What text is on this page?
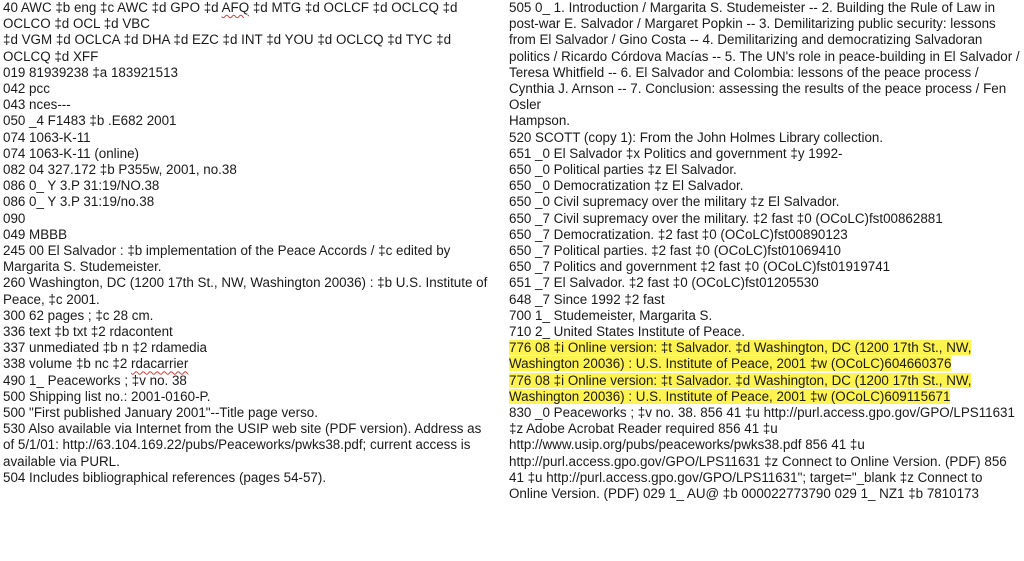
40 AWC ‡b eng ‡c AWC ‡d GPO ‡d AFQ ‡d MTG ‡d OCLCF ‡d OCLCQ ‡d OCLCO ‡d OCL ‡d VBC
‡d VGM ‡d OCLCA ‡d DHA ‡d EZC ‡d INT ‡d YOU ‡d OCLCQ ‡d TYC ‡d OCLCQ ‡d XFF
019 81939238 ‡a 183921513
042 pcc
043 nces---
050 _4 F1483 ‡b .E682 2001
074 1063-K-11
074 1063-K-11 (online)
082 04 327.172 ‡b P355w, 2001, no.38
086 0_ Y 3.P 31:19/NO.38
086 0_ Y 3.P 31:19/no.38
090
049 MBBB
245 00 El Salvador : ‡b implementation of the Peace Accords / ‡c edited by Margarita S. Studemeister.
260 Washington, DC (1200 17th St., NW, Washington 20036) : ‡b U.S. Institute of Peace, ‡c 2001.
300 62 pages ; ‡c 28 cm.
336 text ‡b txt ‡2 rdacontent
337 unmediated ‡b n ‡2 rdamedia
338 volume ‡b nc ‡2 rdacarrier
490 1_ Peaceworks ; ‡v no. 38
500 Shipping list no.: 2001-0160-P.
500 "First published January 2001"--Title page verso.
530 Also available via Internet from the USIP web site (PDF version). Address as of 5/1/01: http://63.104.169.22/pubs/Peaceworks/pwks38.pdf; current access is available via PURL.
504 Includes bibliographical references (pages 54-57).
505 0_ 1. Introduction / Margarita S. Studemeister -- 2. Building the Rule of Law in post-war E. Salvador / Margaret Popkin -- 3. Demilitarizing public security: lessons from El Salvador / Gino Costa -- 4. Demilitarizing and democratizing Salvadoran politics / Ricardo Córdova Macías -- 5. The UN's role in peace-building in El Salvador / Teresa Whitfield -- 6. El Salvador and Colombia: lessons of the peace process / Cynthia J. Arnson -- 7. Conclusion: assessing the results of the peace process / Fen Osler
Hampson.
520 SCOTT (copy 1): From the John Holmes Library collection.
651 _0 El Salvador ‡x Politics and government ‡y 1992-
650 _0 Political parties ‡z El Salvador.
650 _0 Democratization ‡z El Salvador.
650 _0 Civil supremacy over the military ‡z El Salvador.
650 _7 Civil supremacy over the military. ‡2 fast ‡0 (OCoLC)fst00862881
650 _7 Democratization. ‡2 fast ‡0 (OCoLC)fst00890123
650 _7 Political parties. ‡2 fast ‡0 (OCoLC)fst01069410
650 _7 Politics and government ‡2 fast ‡0 (OCoLC)fst01919741
651 _7 El Salvador. ‡2 fast ‡0 (OCoLC)fst01205530
648 _7 Since 1992 ‡2 fast
700 1_ Studemeister, Margarita S.
710 2_ United States Institute of Peace.
776 08 ‡i Online version: ‡t Salvador. ‡d Washington, DC (1200 17th St., NW, Washington 20036) : U.S. Institute of Peace, 2001 ‡w (OCoLC)604660376
776 08 ‡i Online version: ‡t Salvador. ‡d Washington, DC (1200 17th St., NW, Washington 20036) : U.S. Institute of Peace, 2001 ‡w (OCoLC)609115671
830 _0 Peaceworks ; ‡v no. 38. 856 41 ‡u http://purl.access.gpo.gov/GPO/LPS11631 ‡z Adobe Acrobat Reader required 856 41 ‡u http://www.usip.org/pubs/peaceworks/pwks38.pdf 856 41 ‡u http://purl.access.gpo.gov/GPO/LPS11631 ‡z Connect to Online Version. (PDF) 856 41 ‡u http://purl.access.gpo.gov/GPO/LPS11631"; target="_blank ‡z Connect to Online Version. (PDF) 029 1_ AU@ ‡b 000022773790 029 1_ NZ1 ‡b 7810173
